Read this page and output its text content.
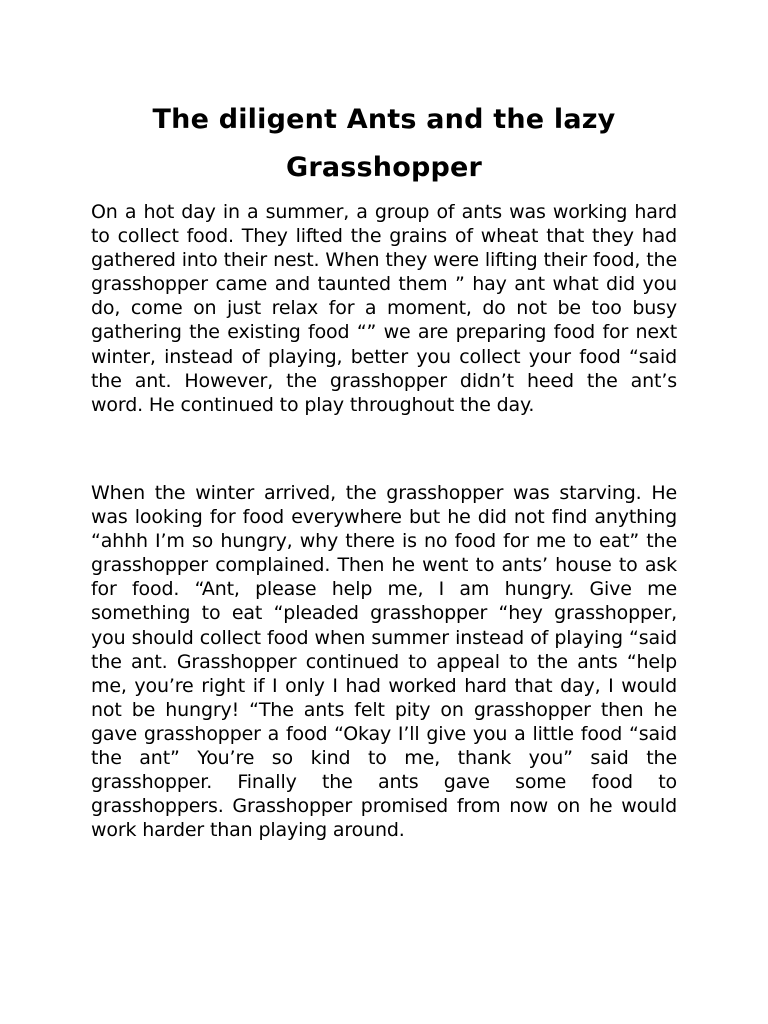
The diligent Ants and the lazy Grasshopper

On a hot day in a summer, a group of ants was working hard to collect food. They lifted the grains of wheat that they had gathered into their nest. When they were lifting their food, the grasshopper came and taunted them ” hay ant what did you do, come on just relax for a moment, do not be too busy gathering the existing food “” we are preparing food for next winter, instead of playing, better you collect your food “said the ant. However, the grasshopper didn’t heed the ant’s word. He continued to play throughout the day.

When the winter arrived, the grasshopper was starving. He was looking for food everywhere but he did not find anything “ahhh I’m so hungry, why there is no food for me to eat” the grasshopper complained. Then he went to ants’ house to ask for food. “Ant, please help me, I am hungry. Give me something to eat “pleaded grasshopper “hey grasshopper, you should collect food when summer instead of playing “said the ant. Grasshopper continued to appeal to the ants “help me, you’re right if I only I had worked hard that day, I would not be hungry! “The ants felt pity on grasshopper then he gave grasshopper a food “Okay I’ll give you a little food “said the ant” You’re so kind to me, thank you” said the grasshopper. Finally the ants gave some food to grasshoppers. Grasshopper promised from now on he would work harder than playing around.
